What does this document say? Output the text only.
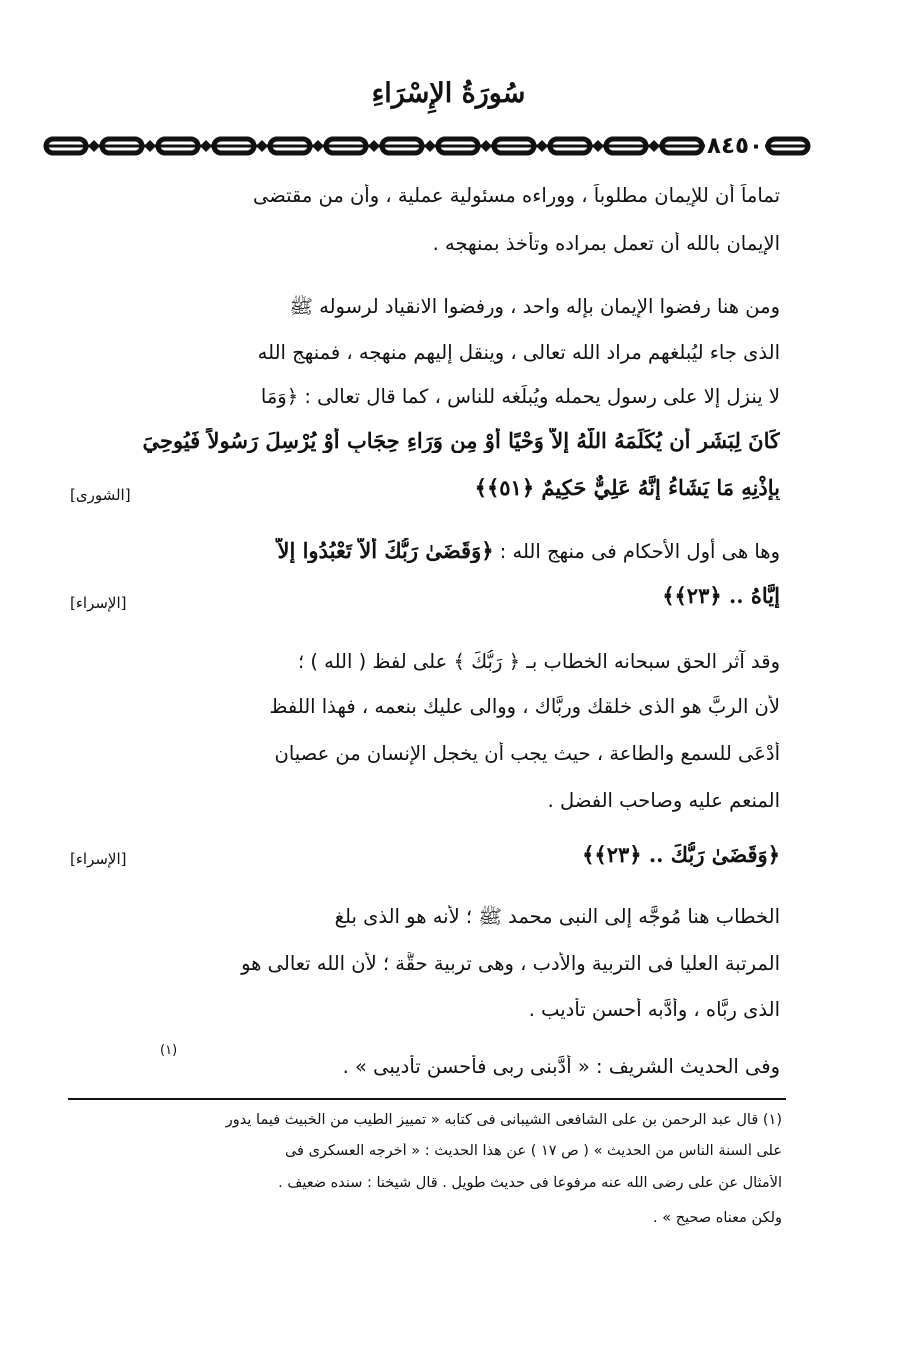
سُورَةُ الإِسْرَاءِ
٨٤٥٠
تماماً أن للإيمان مطلوباً ، ووراءه مسئولية عملية ، وأن من مقتضى
الإيمان بالله أن تعمل بمراده وتأخذ بمنهجه .
ومن هنا رفضوا الإيمان بإله واحد ، ورفضوا الانقياد لرسوله ﷺ
الذى جاء ليُبلغهم مراد الله تعالى ، وينقل إليهم منهجه ، فمنهج الله
لا ينزل إلا على رسول يحمله ويُبلِّغه للناس ، كما قال تعالى : ﴿وَمَا
كَانَ لِبَشَرٍ أَن يُكَلِّمَهُ اللَّهُ إِلاَّ وَحْيًا أَوْ مِن وَرَاءِ حِجَابٍ أَوْ يُرْسِلَ رَسُولاً فَيُوحِيَ
بِإِذْنِهِ مَا يَشَاءُ إِنَّهُ عَلِيٌّ حَكِيمٌ ﴿٥١﴾﴾
[الشورى]
وها هى أول الأحكام فى منهج الله : ﴿وَقَضَىٰ رَبُّكَ أَلاَّ تَعْبُدُوا إِلاَّ
إِيَّاهُ .. ﴿٢٣﴾﴾
[الإسراء]
وقد آثر الحق سبحانه الخطاب بـ ﴿ رَبُّكَ ﴾ على لفظ ( الله ) ؛
لأن الربَّ هو الذى خلقك وربَّاك ، ووالى عليك بنعمه ، فهذا اللفظ
أدْعَى للسمع والطاعة ، حيث يجب أن يخجل الإنسان من عصيان
المنعم عليه وصاحب الفضل .
﴿وَقَضَىٰ رَبُّكَ .. ﴿٢٣﴾﴾
[الإسراء]
الخطاب هنا مُوجَّه إلى النبى محمد ﷺ ؛ لأنه هو الذى بلغ
المرتبة العليا فى التربية والأدب ، وهى تربية حقَّة ؛ لأن الله تعالى هو
الذى ربَّاه ، وأدَّبه أحسن تأديب .
وفى الحديث الشريف : « أدَّبنى ربى فأحسن تأديبى » .
(١)
(١) قال عبد الرحمن بن على الشافعى الشيبانى فى كتابه « تمييز الطيب من الخبيث فيما يدور
على ألسنة الناس من الحديث » ( ص ١٧ ) عن هذا الحديث : « أخرجه العسكرى فى
الأمثال عن على رضى الله عنه مرفوعاً فى حديث طويل . قال شيخنا : سنده ضعيف .
ولكن معناه صحيح » .
